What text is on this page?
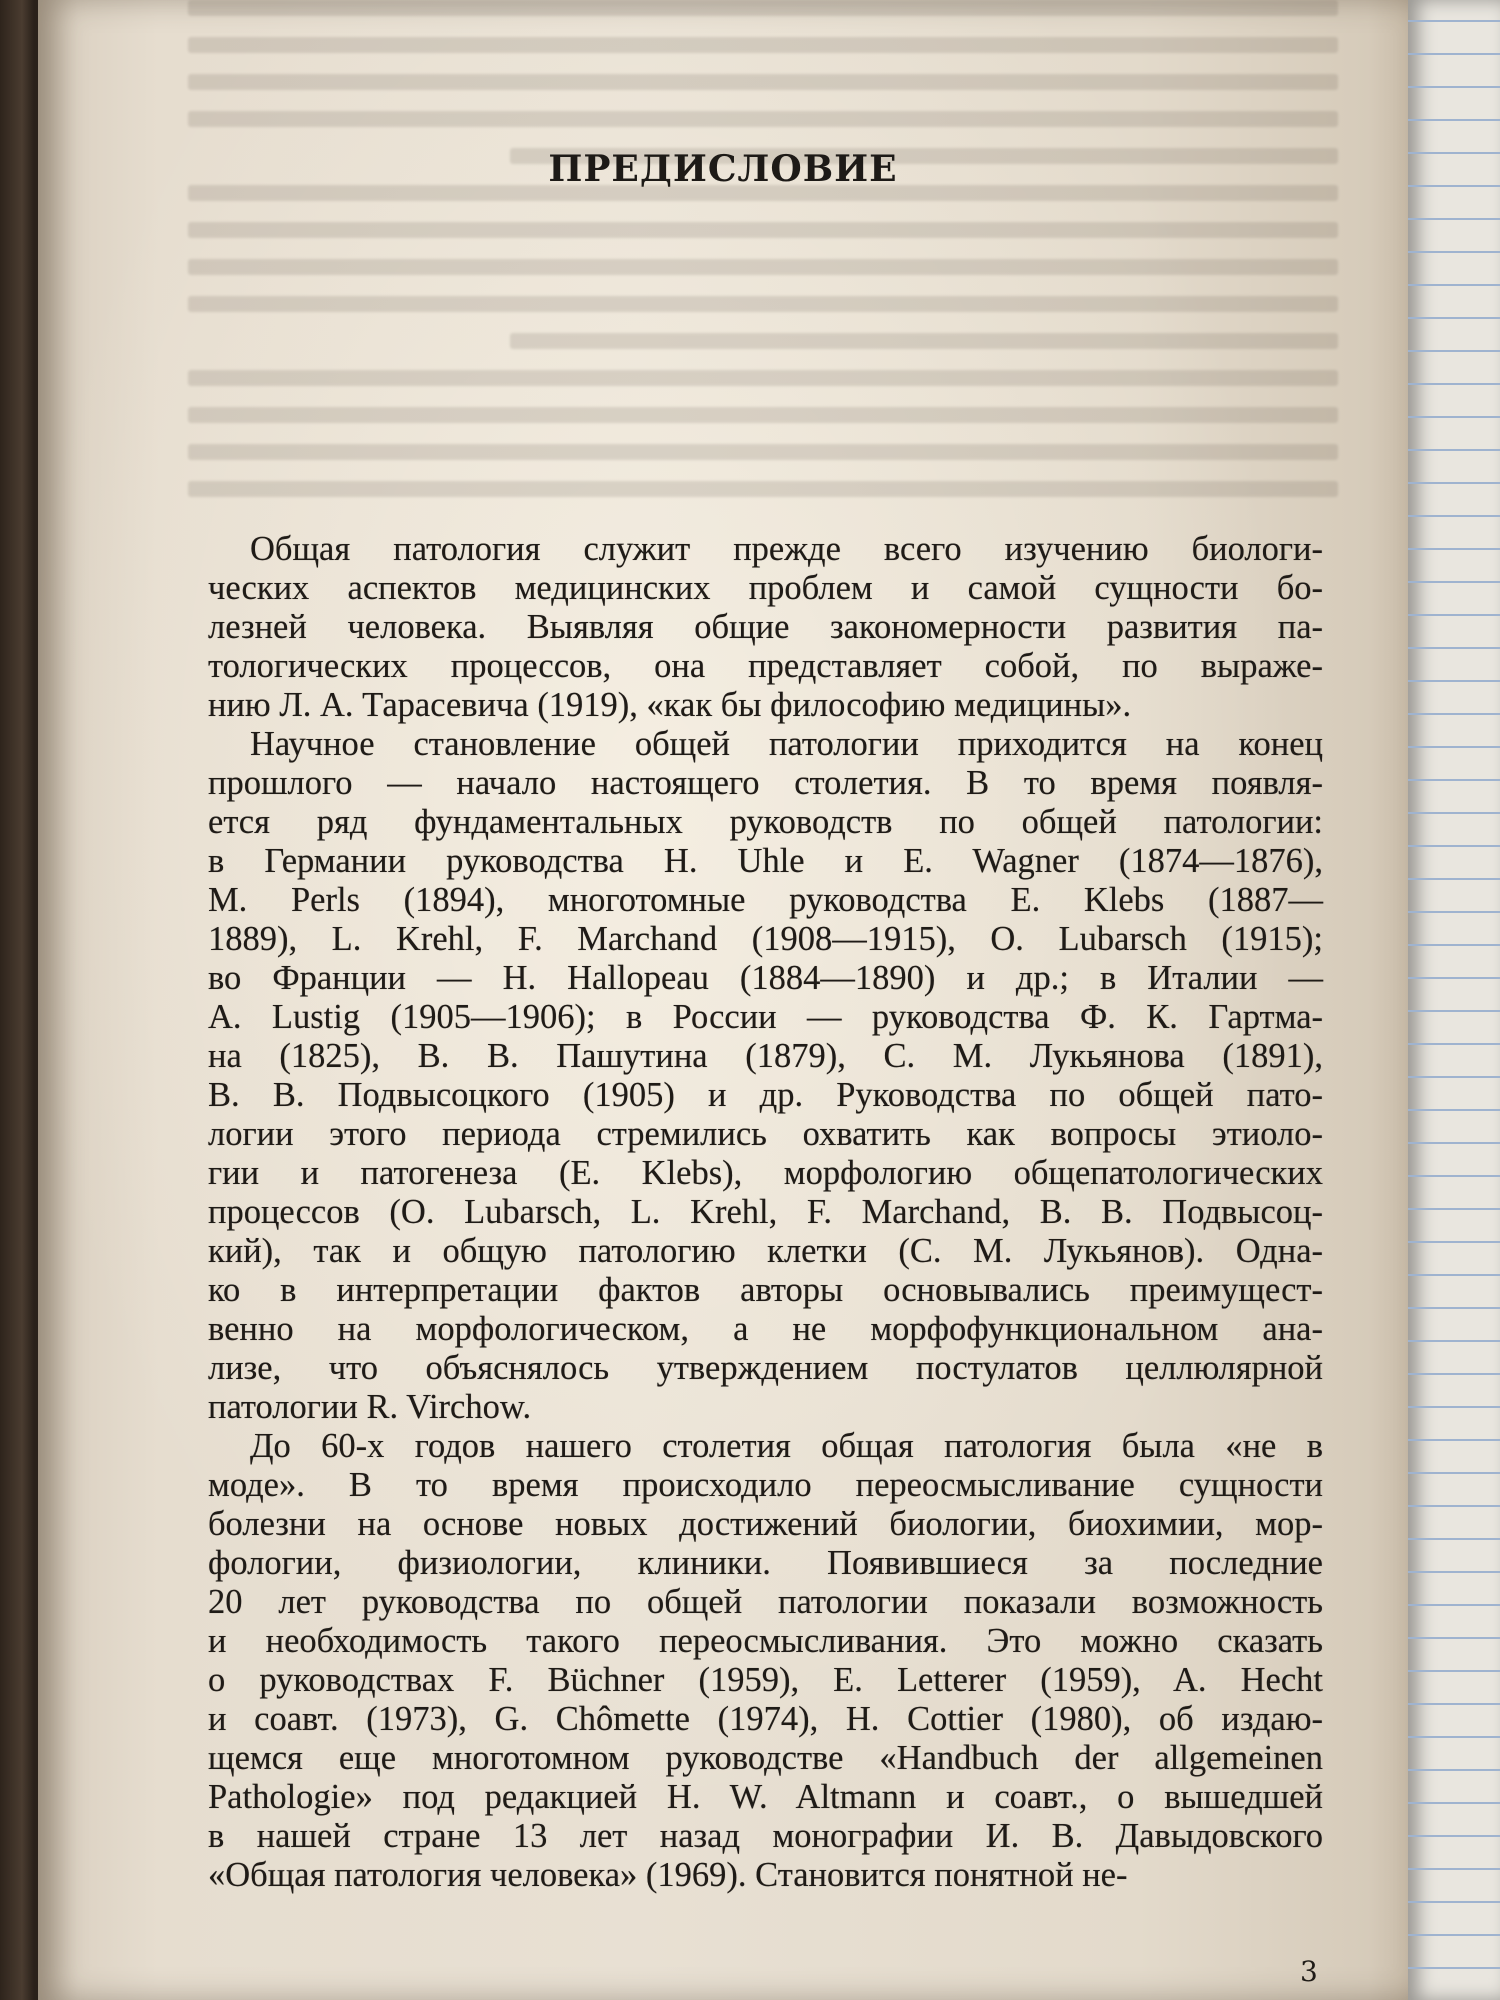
ПРЕДИСЛОВИЕ
Общая патология служит прежде всего изучению биологи-
ческих аспектов медицинских проблем и самой сущности бо-
лезней человека. Выявляя общие закономерности развития па-
тологических процессов, она представляет собой, по выраже-
нию Л. А. Тарасевича (1919), «как бы философию медицины».
Научное становление общей патологии приходится на конец
прошлого — начало настоящего столетия. В то время появля-
ется ряд фундаментальных руководств по общей патологии:
в Германии руководства H. Uhle и E. Wagner (1874—1876),
M. Perls (1894), многотомные руководства E. Klebs (1887—
1889), L. Krehl, F. Marchand (1908—1915), O. Lubarsch (1915);
во Франции — H. Hallopeau (1884—1890) и др.; в Италии —
A. Lustig (1905—1906); в России — руководства Ф. К. Гартма-
на (1825), В. В. Пашутина (1879), С. М. Лукьянова (1891),
В. В. Подвысоцкого (1905) и др. Руководства по общей пато-
логии этого периода стремились охватить как вопросы этиоло-
гии и патогенеза (E. Klebs), морфологию общепатологических
процессов (O. Lubarsch, L. Krehl, F. Marchand, В. В. Подвысоц-
кий), так и общую патологию клетки (С. М. Лукьянов). Одна-
ко в интерпретации фактов авторы основывались преимущест-
венно на морфологическом, а не морфофункциональном ана-
лизе, что объяснялось утверждением постулатов целлюлярной
патологии R. Virchow.
До 60-х годов нашего столетия общая патология была «не в
моде». В то время происходило переосмысливание сущности
болезни на основе новых достижений биологии, биохимии, мор-
фологии, физиологии, клиники. Появившиеся за последние
20 лет руководства по общей патологии показали возможность
и необходимость такого переосмысливания. Это можно сказать
о руководствах F. Büchner (1959), E. Letterer (1959), A. Hecht
и соавт. (1973), G. Chômette (1974), H. Cottier (1980), об издаю-
щемся еще многотомном руководстве «Handbuch der allgemeinen
Pathologie» под редакцией H. W. Altmann и соавт., о вышедшей
в нашей стране 13 лет назад монографии И. В. Давыдовского
«Общая патология человека» (1969). Становится понятной не-
3
